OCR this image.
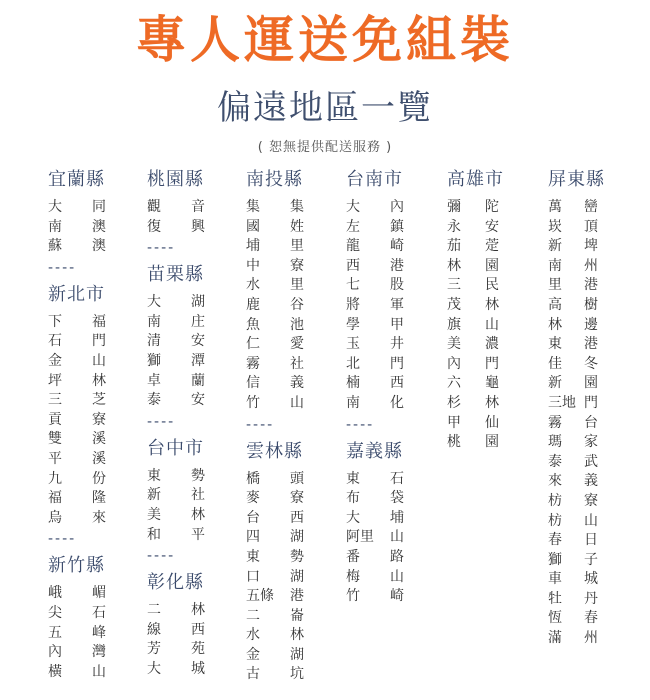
專人運送免組裝
偏遠地區一覽
( 恕無提供配送服務 )
宜蘭縣
大 同
南 澳
蘇 澳
----
新北市
下 福
石 門
金 山
坪 林
三 芝
貢 寮
雙 溪
平 溪
九 份
福 隆
烏 來
----
新竹縣
峨 嵋
尖 石
五 峰
內 灣
橫 山
桃園縣
觀 音
復 興
----
苗栗縣
大 湖
南 庄
清 安
獅 潭
卓 蘭
泰 安
----
台中市
東 勢
新 社
美 林
和 平
----
彰化縣
二 林
線 西
芳 苑
大 城
南投縣
集 集
國 姓
埔 里
中 寮
水 里
鹿 谷
魚 池
仁 愛
霧 社
信 義
竹 山
----
雲林縣
橋 頭
麥 寮
台 西
四 湖
東 勢
口 湖
五條 港
二 崙
水 林
金 湖
古 坑
台南市
大 內
左 鎮
龍 崎
西 港
七 股
將 軍
學 甲
玉 井
北 門
楠 西
南 化
----
嘉義縣
東 石
布 袋
大 埔
阿里 山
番 路
梅 山
竹 崎
高雄市
彌 陀
永 安
茄 萣
林 園
三 民
茂 林
旗 山
美 濃
內 門
六 龜
杉 林
甲 仙
桃 園
屏東縣
萬 巒
崁 頂
新 埤
南 州
里 港
高 樹
林 邊
東 港
佳 冬
新 園
三地 門
霧 台
瑪 家
泰 武
來 義
枋 寮
枋 山
春 日
獅 子
車 城
牡 丹
恆 春
滿 州
